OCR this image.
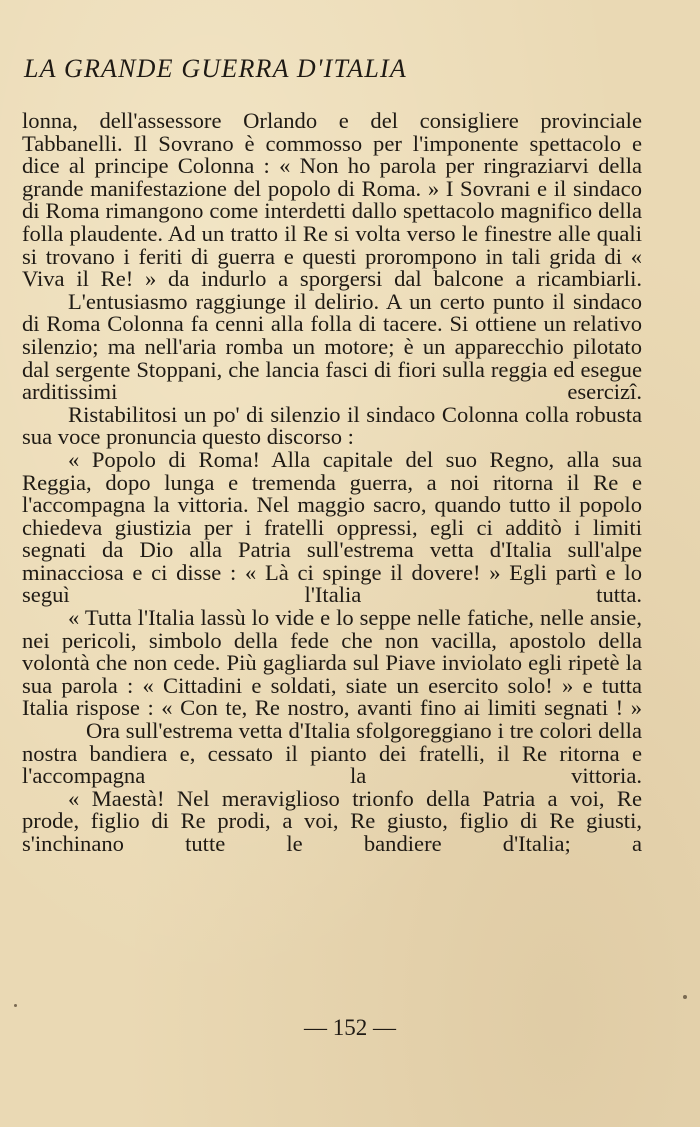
LA GRANDE GUERRA D'ITALIA

lonna, dell'assessore Orlando e del consigliere provinciale Tabbanelli. Il Sovrano è commosso per l'imponente spettacolo e dice al principe Colonna : « Non ho parola per ringraziarvi della grande manifestazione del popolo di Roma. » I Sovrani e il sindaco di Roma rimangono come interdetti dallo spettacolo magnifico della folla plaudente. Ad un tratto il Re si volta verso le finestre alle quali si trovano i feriti di guerra e questi prorompono in tali grida di « Viva il Re! » da indurlo a sporgersi dal balcone a ricambiarli.

L'entusiasmo raggiunge il delirio. A un certo punto il sindaco di Roma Colonna fa cenni alla folla di tacere. Si ottiene un relativo silenzio; ma nell'aria romba un motore; è un apparecchio pilotato dal sergente Stoppani, che lancia fasci di fiori sulla reggia ed esegue arditissimi esercizî.

Ristabilitosi un po' di silenzio il sindaco Colonna colla robusta sua voce pronuncia questo discorso :

« Popolo di Roma! Alla capitale del suo Regno, alla sua Reggia, dopo lunga e tremenda guerra, a noi ritorna il Re e l'accompagna la vittoria. Nel maggio sacro, quando tutto il popolo chiedeva giustizia per i fratelli oppressi, egli ci additò i limiti segnati da Dio alla Patria sull'estrema vetta d'Italia sull'alpe minacciosa e ci disse : « Là ci spinge il dovere! » Egli partì e lo seguì l'Italia tutta.

« Tutta l'Italia lassù lo vide e lo seppe nelle fatiche, nelle ansie, nei pericoli, simbolo della fede che non vacilla, apostolo della volontà che non cede. Più gagliarda sul Piave inviolato egli ripetè la sua parola : « Cittadini e soldati, siate un esercito solo! » e tutta Italia rispose : « Con te, Re nostro, avanti fino ai limiti segnati ! »

Ora sull'estrema vetta d'Italia sfolgoreggiano i tre colori della nostra bandiera e, cessato il pianto dei fratelli, il Re ritorna e l'accompagna la vittoria.

« Maestà! Nel meraviglioso trionfo della Patria a voi, Re prode, figlio di Re prodi, a voi, Re giusto, figlio di Re giusti, s'inchinano tutte le bandiere d'Italia; a

— 152 —
